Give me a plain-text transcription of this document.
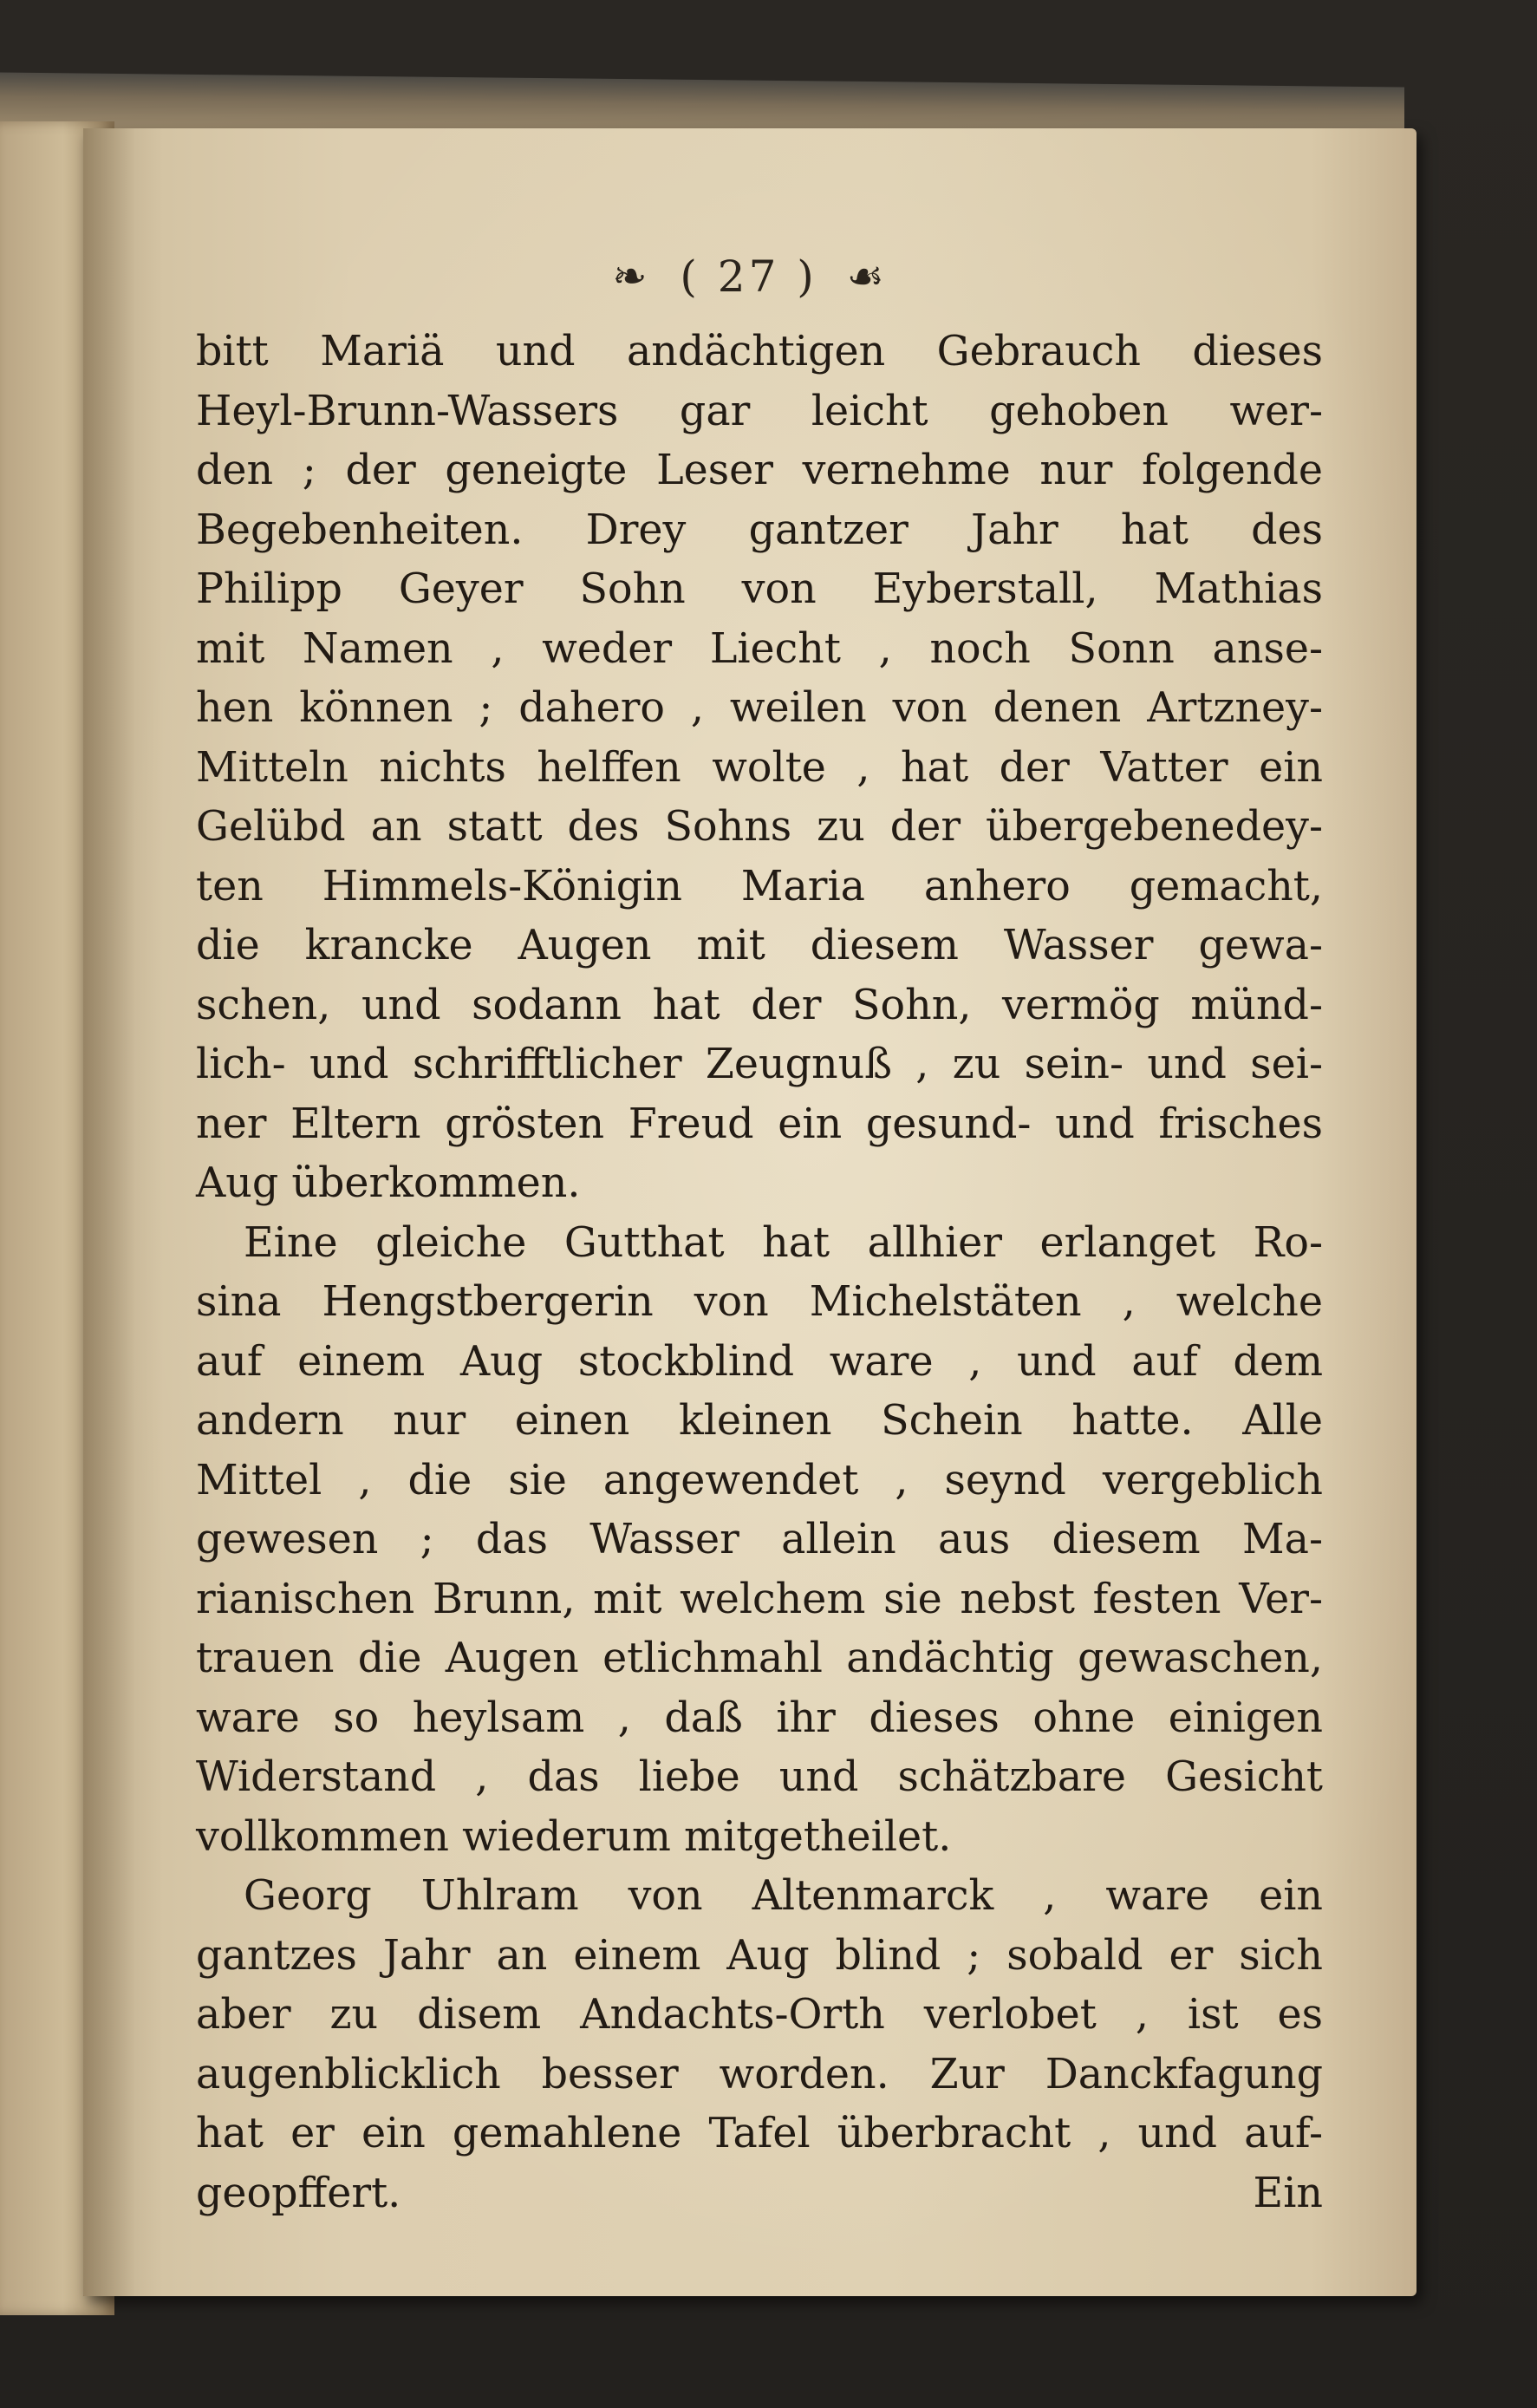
❧ ( 27 ) ☙
bitt Mariä und andächtigen Gebrauch dieses
Heyl-Brunn-Wassers gar leicht gehoben wer-
den ; der geneigte Leser vernehme nur folgende
Begebenheiten. Drey gantzer Jahr hat des
Philipp Geyer Sohn von Eyberstall, Mathias
mit Namen , weder Liecht , noch Sonn anse-
hen können ; dahero , weilen von denen Artzney-
Mitteln nichts helffen wolte , hat der Vatter ein
Gelübd an statt des Sohns zu der übergebenedey-
ten Himmels-Königin Maria anhero gemacht,
die krancke Augen mit diesem Wasser gewa-
schen, und sodann hat der Sohn, vermög münd-
lich- und schrifftlicher Zeugnuß , zu sein- und sei-
ner Eltern grösten Freud ein gesund- und frisches
Aug überkommen.
Eine gleiche Gutthat hat allhier erlanget Ro-
sina Hengstbergerin von Michelstäten , welche
auf einem Aug stockblind ware , und auf dem
andern nur einen kleinen Schein hatte. Alle
Mittel , die sie angewendet , seynd vergeblich
gewesen ; das Wasser allein aus diesem Ma-
rianischen Brunn, mit welchem sie nebst festen Ver-
trauen die Augen etlichmahl andächtig gewaschen,
ware so heylsam , daß ihr dieses ohne einigen
Widerstand , das liebe und schätzbare Gesicht
vollkommen wiederum mitgetheilet.
Georg Uhlram von Altenmarck , ware ein
gantzes Jahr an einem Aug blind ; sobald er sich
aber zu disem Andachts-Orth verlobet , ist es
augenblicklich besser worden. Zur Danckfagung
hat er ein gemahlene Tafel überbracht , und auf-
geopffert.	Ein
